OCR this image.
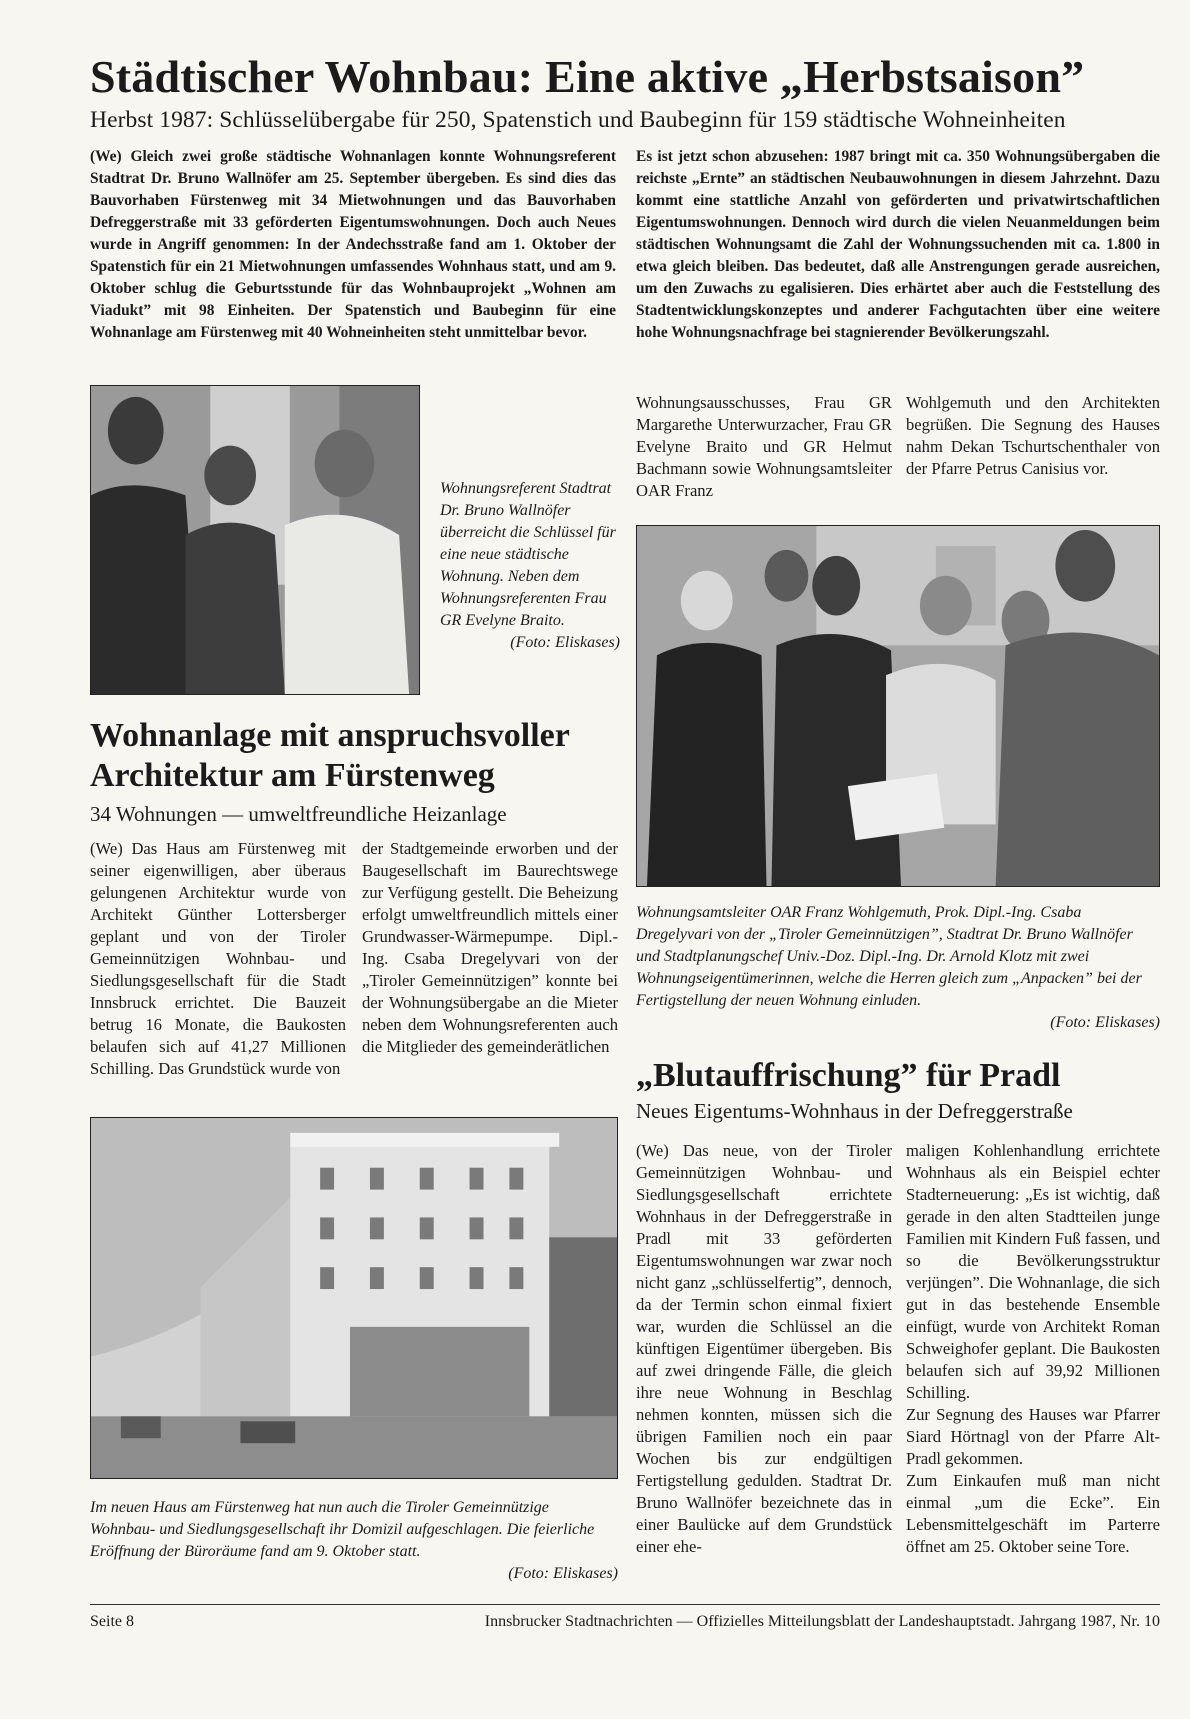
Städtischer Wohnbau: Eine aktive „Herbstsaison”
Herbst 1987: Schlüsselübergabe für 250, Spatenstich und Baubeginn für 159 städtische Wohneinheiten
(We) Gleich zwei große städtische Wohnanlagen konnte Wohnungsreferent Stadtrat Dr. Bruno Wallnöfer am 25. September übergeben. Es sind dies das Bauvorhaben Fürstenweg mit 34 Mietwohnungen und das Bauvorhaben Defreggerstraße mit 33 geförderten Eigentumswohnungen. Doch auch Neues wurde in Angriff genommen: In der Andechsstraße fand am 1. Oktober der Spatenstich für ein 21 Mietwohnungen umfassendes Wohnhaus statt, und am 9. Oktober schlug die Geburtsstunde für das Wohnbauprojekt „Wohnen am Viadukt” mit 98 Einheiten. Der Spatenstich und Baubeginn für eine Wohnanlage am Fürstenweg mit 40 Wohneinheiten steht unmittelbar bevor.
Es ist jetzt schon abzusehen: 1987 bringt mit ca. 350 Wohnungsübergaben die reichste „Ernte” an städtischen Neubauwohnungen in diesem Jahrzehnt. Dazu kommt eine stattliche Anzahl von geförderten und privatwirtschaftlichen Eigentumswohnungen. Dennoch wird durch die vielen Neuanmeldungen beim städtischen Wohnungsamt die Zahl der Wohnungssuchenden mit ca. 1.800 in etwa gleich bleiben. Das bedeutet, daß alle Anstrengungen gerade ausreichen, um den Zuwachs zu egalisieren. Dies erhärtet aber auch die Feststellung des Stadtentwicklungskonzeptes und anderer Fachgutachten über eine weitere hohe Wohnungsnachfrage bei stagnierender Bevölkerungszahl.
Wohnungsreferent Stadtrat Dr. Bruno Wallnöfer überreicht die Schlüssel für eine neue städtische Wohnung. Neben dem Wohnungsreferenten Frau GR Evelyne Braito.
(Foto: Eliskases)
Wohnungsausschusses, Frau GR Margarethe Unterwurzacher, Frau GR Evelyne Braito und GR Helmut Bachmann sowie Wohnungsamtsleiter OAR Franz
Wohlgemuth und den Architekten begrüßen. Die Segnung des Hauses nahm Dekan Tschurtschenthaler von der Pfarre Petrus Canisius vor.
Wohnungsamtsleiter OAR Franz Wohlgemuth, Prok. Dipl.-Ing. Csaba Dregelyvari von der „Tiroler Gemeinnützigen”, Stadtrat Dr. Bruno Wallnöfer und Stadtplanungschef Univ.-Doz. Dipl.-Ing. Dr. Arnold Klotz mit zwei Wohnungseigentümerinnen, welche die Herren gleich zum „Anpacken” bei der Fertigstellung der neuen Wohnung einluden.
(Foto: Eliskases)
Wohnanlage mit anspruchsvoller Architektur am Fürstenweg
34 Wohnungen — umweltfreundliche Heizanlage
(We) Das Haus am Fürstenweg mit seiner eigenwilligen, aber überaus gelungenen Architektur wurde von Architekt Günther Lottersberger geplant und von der Tiroler Gemeinnützigen Wohnbau- und Siedlungsgesellschaft für die Stadt Innsbruck errichtet. Die Bauzeit betrug 16 Monate, die Baukosten belaufen sich auf 41,27 Millionen Schilling. Das Grundstück wurde von
der Stadtgemeinde erworben und der Baugesellschaft im Baurechtswege zur Verfügung gestellt. Die Beheizung erfolgt umweltfreundlich mittels einer Grundwasser-Wärmepumpe. Dipl.-Ing. Csaba Dregelyvari von der „Tiroler Gemeinnützigen” konnte bei der Wohnungsübergabe an die Mieter neben dem Wohnungsreferenten auch die Mitglieder des gemeinderätlichen
Im neuen Haus am Fürstenweg hat nun auch die Tiroler Gemeinnützige Wohnbau- und Siedlungsgesellschaft ihr Domizil aufgeschlagen. Die feierliche Eröffnung der Büroräume fand am 9. Oktober statt.
(Foto: Eliskases)
„Blutauffrischung” für Pradl
Neues Eigentums-Wohnhaus in der Defreggerstraße
(We) Das neue, von der Tiroler Gemeinnützigen Wohnbau- und Siedlungsgesellschaft errichtete Wohnhaus in der Defreggerstraße in Pradl mit 33 geförderten Eigentumswohnungen war zwar noch nicht ganz „schlüsselfertig”, dennoch, da der Termin schon einmal fixiert war, wurden die Schlüssel an die künftigen Eigentümer übergeben. Bis auf zwei dringende Fälle, die gleich ihre neue Wohnung in Beschlag nehmen konnten, müssen sich die übrigen Familien noch ein paar Wochen bis zur endgültigen Fertigstellung gedulden. Stadtrat Dr. Bruno Wallnöfer bezeichnete das in einer Baulücke auf dem Grundstück einer ehe-
maligen Kohlenhandlung errichtete Wohnhaus als ein Beispiel echter Stadterneuerung: „Es ist wichtig, daß gerade in den alten Stadtteilen junge Familien mit Kindern Fuß fassen, und so die Bevölkerungsstruktur verjüngen”. Die Wohnanlage, die sich gut in das bestehende Ensemble einfügt, wurde von Architekt Roman Schweighofer geplant. Die Baukosten belaufen sich auf 39,92 Millionen Schilling.
Zur Segnung des Hauses war Pfarrer Siard Hörtnagl von der Pfarre Alt-Pradl gekommen.
Zum Einkaufen muß man nicht einmal „um die Ecke”. Ein Lebensmittelgeschäft im Parterre öffnet am 25. Oktober seine Tore.
Seite 8	Innsbrucker Stadtnachrichten — Offizielles Mitteilungsblatt der Landeshauptstadt. Jahrgang 1987, Nr. 10
